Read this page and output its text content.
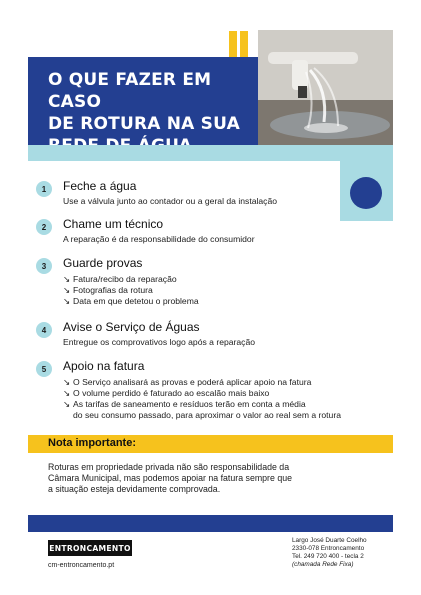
O QUE FAZER EM CASO
DE ROTURA NA SUA

1	Feche a água

Use a válvula junto ao contador ou a geral da instalação

2	Chame um técnico

A reparação é da responsabilidade do consumidor

3	Guarde provas

↘ Fatura/recibo da reparação
↘ Fotografias da rotura
↘ Data em que detetou o problema
4	Avise o Serviço de Águas

Entregue os comprovativos logo após a reparação

5	Apoio na fatura

↘ O Serviço analisará as provas e poderá aplicar apoio na fatura
↘ O volume perdido é faturado ao escalão mais baixo
↘ As tarifas de saneamento e resíduos terão em conta a média
do seu consumo passado, para aproximar o valor ao real sem a rotura

Nota importante:

Roturas em propriedade privada não são responsabilidade da
Câmara Municipal, mas podemos apoiar na fatura sempre que
a situação esteja devidamente comprovada.

ENTRONCAMENTO

cm-entroncamento.pt

Largo José Duarte Coelho
2330-078 Entroncamento
Tel. 249 720 400 - tecla 2
(chamada Rede Fixa)
